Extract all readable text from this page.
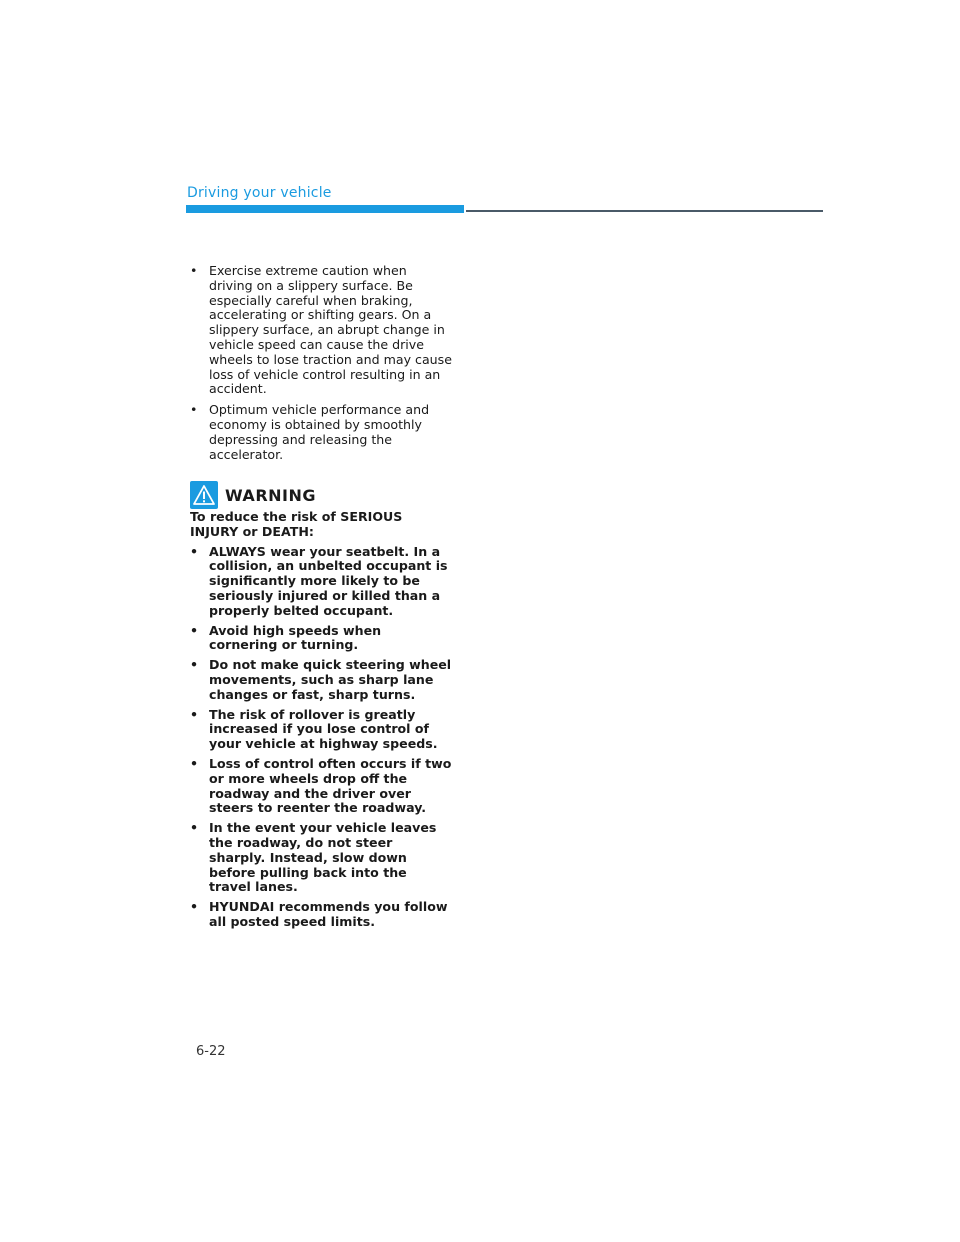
Driving your vehicle
• Exercise extreme caution when driving on a slippery surface. Be especially careful when braking, accelerating or shifting gears. On a slippery surface, an abrupt change in vehicle speed can cause the drive wheels to lose traction and may cause loss of vehicle control resulting in an accident.
• Optimum vehicle performance and economy is obtained by smoothly depressing and releasing the accelerator.
WARNING
To reduce the risk of SERIOUS INJURY or DEATH:
• ALWAYS wear your seatbelt. In a collision, an unbelted occupant is significantly more likely to be seriously injured or killed than a properly belted occupant.
• Avoid high speeds when cornering or turning.
• Do not make quick steering wheel movements, such as sharp lane changes or fast, sharp turns.
• The risk of rollover is greatly increased if you lose control of your vehicle at highway speeds.
• Loss of control often occurs if two or more wheels drop off the roadway and the driver over steers to reenter the roadway.
• In the event your vehicle leaves the roadway, do not steer sharply. Instead, slow down before pulling back into the travel lanes.
• HYUNDAI recommends you follow all posted speed limits.
6-22
